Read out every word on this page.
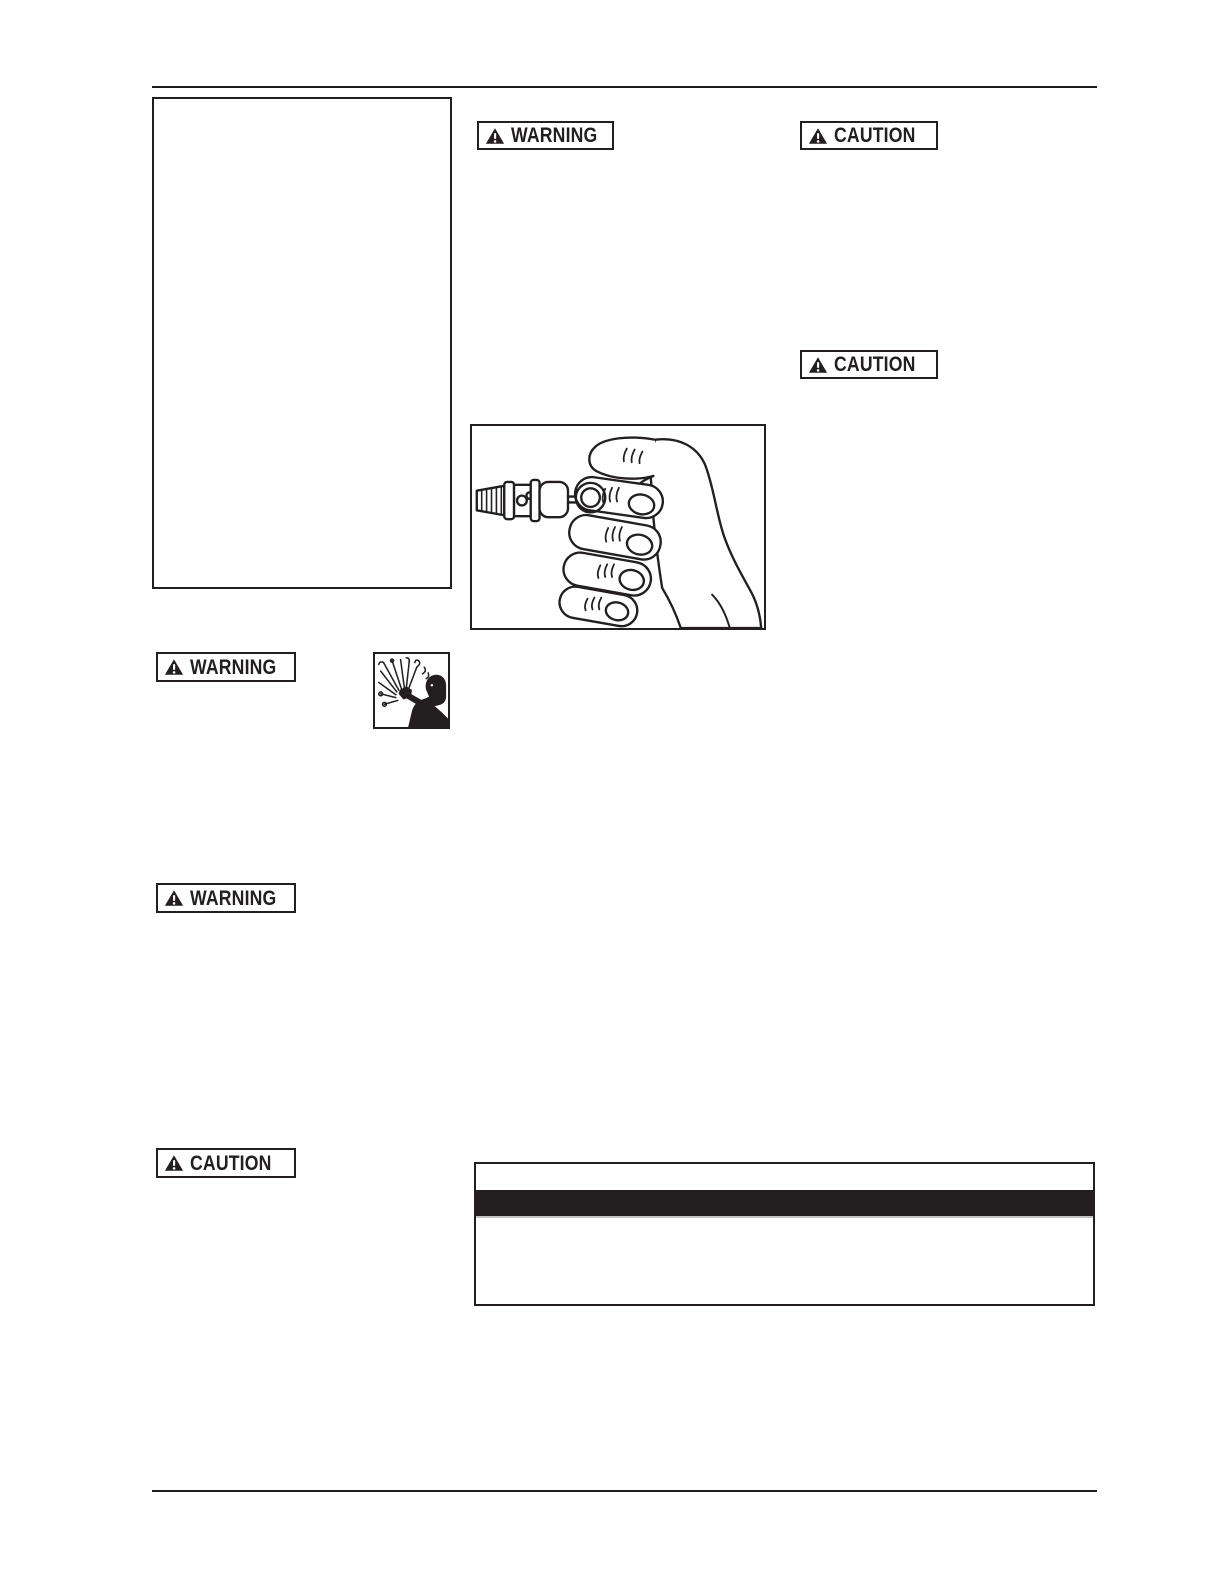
WARNING	CAUTION
CAUTION
WARNING
WARNING
CAUTION
